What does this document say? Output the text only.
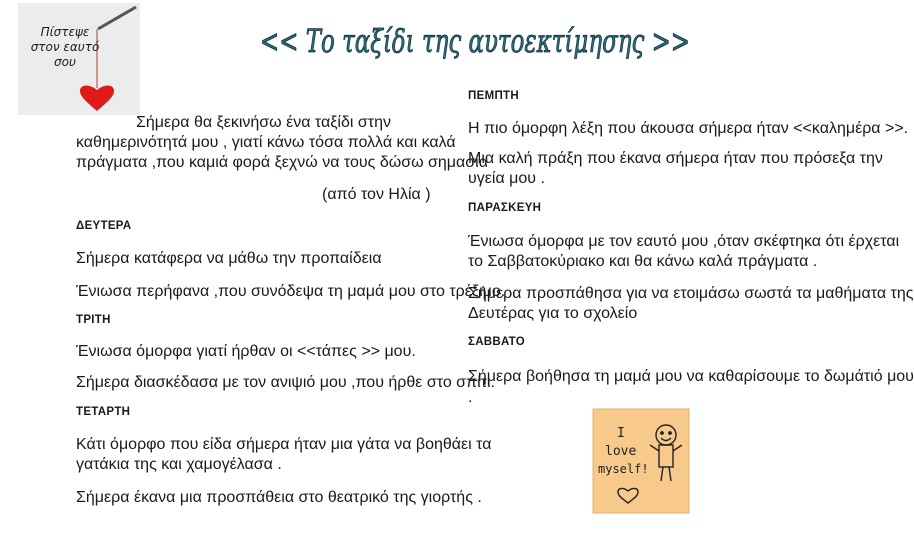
<< Το ταξίδι της αυτοεκτίμησης >>
Πίστεψε
στον εαυτό
σου
Σήμερα θα ξεκινήσω ένα ταξίδι στην
καθημερινότητά μου , γιατί κάνω τόσα πολλά και καλά
πράγματα ,που καμιά φορά ξεχνώ να τους δώσω σημασία
(από τον Ηλία )
ΔΕΥΤΕΡΑ
Σήμερα κατάφερα να μάθω την προπαίδεια
Ένιωσα περήφανα ,που συνόδεψα τη μαμά μου στο τρέξιμο.
ΤΡΙΤΗ
Ένιωσα όμορφα γιατί ήρθαν οι <<τάπες >> μου.
Σήμερα διασκέδασα με τον ανιψιό μου ,που ήρθε στο σπίτι.
ΤΕΤΑΡΤΗ
Κάτι όμορφο που είδα σήμερα ήταν μια γάτα να βοηθάει τα
γατάκια της και χαμογέλασα .
Σήμερα έκανα μια προσπάθεια στο θεατρικό της γιορτής .
ΠΕΜΠΤΗ
Η πιο όμορφη λέξη που άκουσα σήμερα ήταν <<καλημέρα >>.
Μια καλή πράξη που έκανα σήμερα ήταν που πρόσεξα την
υγεία μου .
ΠΑΡΑΣΚΕΥΗ
Ένιωσα όμορφα με τον εαυτό μου ,όταν σκέφτηκα ότι έρχεται
το Σαββατοκύριακο και θα κάνω καλά πράγματα .
Σήμερα προσπάθησα για να ετοιμάσω σωστά τα μαθήματα της
Δευτέρας για το σχολείο
ΣΑΒΒΑΤΟ
Σήμερα βοήθησα τη μαμά μου να καθαρίσουμε το δωμάτιό μου
.
I
love
myself!
